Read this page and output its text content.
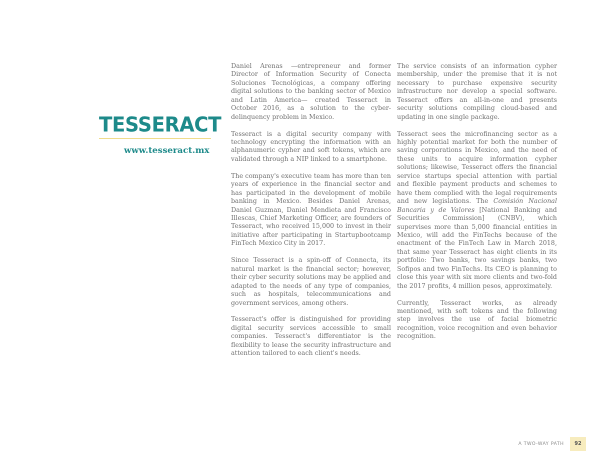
TESSERACT
www.tesseract.mx

Daniel Arenas —entrepreneur and former Director of Information Security of Conecta Soluciones Tecnológicas, a company offering digital solutions to the banking sector of Mexico and Latin America— created Tesseract in October 2016, as a solution to the cyber-delinquency problem in Mexico.

Tesseract is a digital security company with technology encrypting the information with an alphanumeric cypher and soft tokens, which are validated through a NIP linked to a smartphone.

The company's executive team has more than ten years of experience in the financial sector and has participated in the development of mobile banking in Mexico. Besides Daniel Arenas, Daniel Guzman, Daniel Mendieta and Francisco Illescas, Chief Marketing Officer, are founders of Tesseract, who received 15,000 to invest in their initiative after participating in Startupbootcamp FinTech Mexico City in 2017.

Since Tesseract is a spin-off of Connecta, its natural market is the financial sector; however, their cyber security solutions may be applied and adapted to the needs of any type of companies, such as hospitals, telecommunications and government services, among others.

Tesseract's offer is distinguished for providing digital security services accessible to small companies. Tesseract's differentiator is the flexibility to lease the security infrastructure and attention tailored to each client's needs.

The service consists of an information cypher membership, under the premise that it is not necessary to purchase expensive security infrastructure nor develop a special software. Tesseract offers an all-in-one and presents security solutions compiling cloud-based and updating in one single package.

Tesseract sees the microfinancing sector as a highly potential market for both the number of saving corporations in Mexico, and the need of these units to acquire information cypher solutions; likewise, Tesseract offers the financial service startups special attention with partial and flexible payment products and schemes to have them complied with the legal requirements and new legislations. The Comisión Nacional Bancaria y de Valores [National Banking and Securities Commission] (CNBV), which supervises more than 5,000 financial entities in Mexico, will add the FinTechs because of the enactment of the FinTech Law in March 2018, that same year Tesseract has eight clients in its portfolio: Two banks, two savings banks, two Sofipos and two FinTechs. Its CEO is planning to close this year with six more clients and two-fold the 2017 profits, 4 million pesos, approximately.

Currently, Tesseract works, as already mentioned, with soft tokens and the following step involves the use of facial biometric recognition, voice recognition and even behavior recognition.

A TWO-WAY PATH	92
